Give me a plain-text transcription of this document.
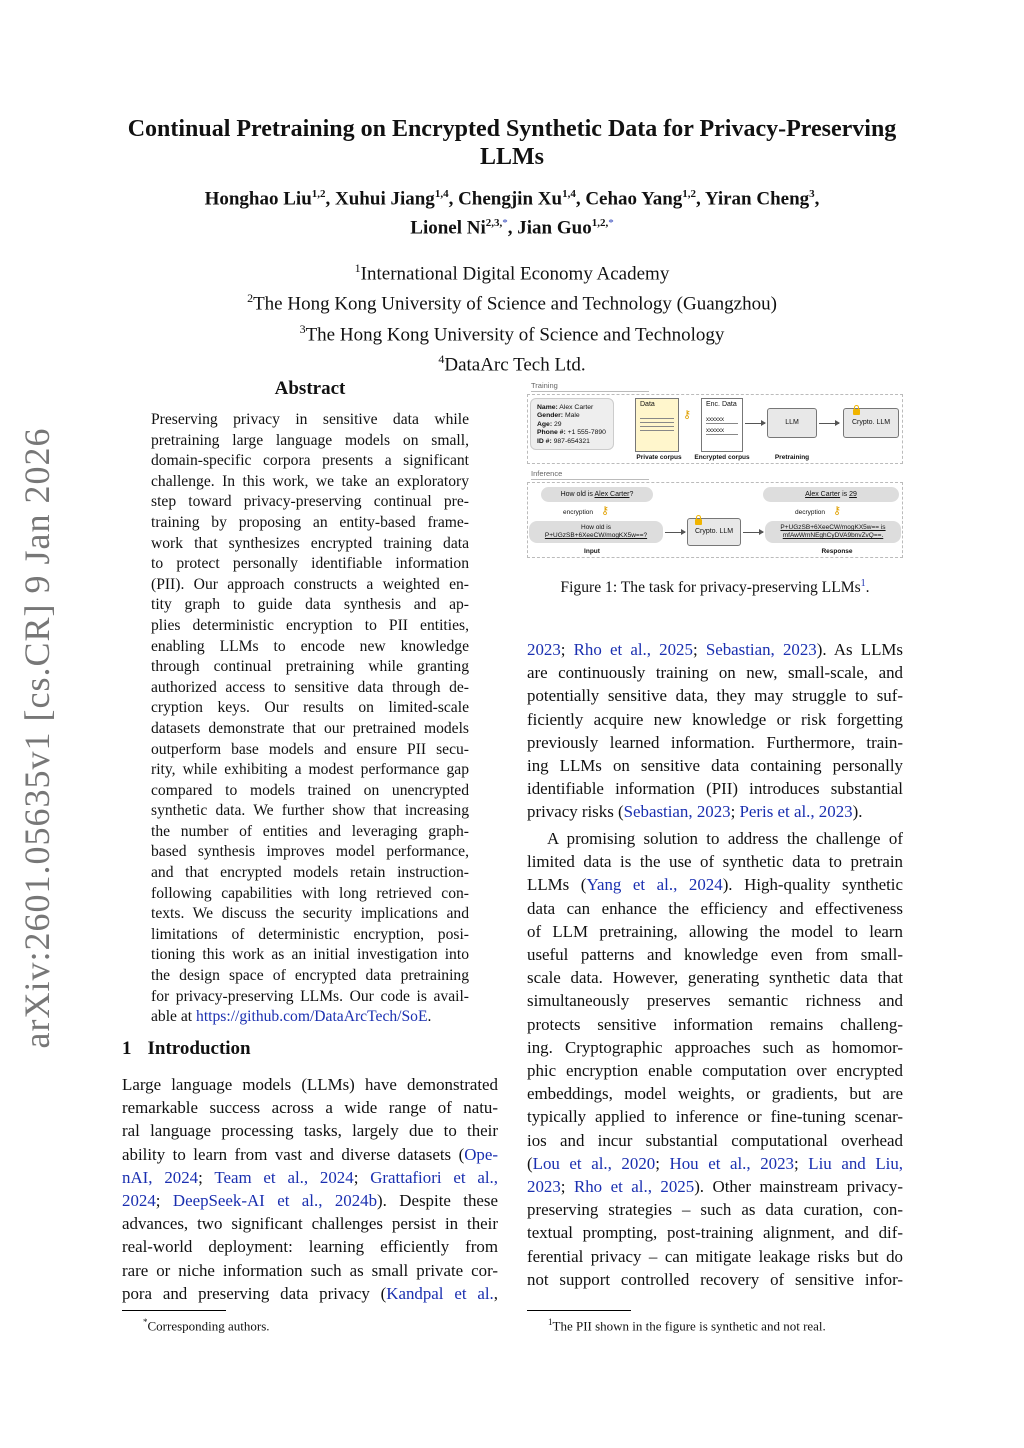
arXiv:2601.05635v1 [cs.CR] 9 Jan 2026
Continual Pretraining on Encrypted Synthetic Data for Privacy-Preserving
LLMs
Honghao Liu$^{1,2}$, Xuhui Jiang$^{1,4}$, Chengjin Xu$^{1,4}$, Cehao Yang$^{1,2}$, Yiran Cheng$^3$,
Lionel $Ni^{2,3,*}$, Jian Guo$^{1,2,*}$
$^1$International Digital Economy Academy
$^2$The Hong Kong University of Science and Technology (Guangzhou)
$^3$The Hong Kong University of Science and Technology
$^4$DataArc Tech Ltd.
Abstract
Preserving privacy in sensitive data while
pretraining large language models on small,
domain-specific corpora presents a significant
challenge. In this work, we take an exploratory
step toward privacy-preserving continual pre-
training by proposing an entity-based frame-
work that synthesizes encrypted training data
to protect personally identifiable information
(PII). Our approach constructs a weighted en-
tity graph to guide data synthesis and ap-
plies deterministic encryption to PII entities,
enabling LLMs to encode new knowledge
through continual pretraining while granting
authorized access to sensitive data through de-
cryption keys. Our results on limited-scale
datasets demonstrate that our pretrained models
outperform base models and ensure PII secu-
rity, while exhibiting a modest performance gap
compared to models trained on unencrypted
synthetic data. We further show that increasing
the number of entities and leveraging graph-
based synthesis improves model performance,
and that encrypted models retain instruction-
following capabilities with long retrieved con-
texts. We discuss the security implications and
limitations of deterministic encryption, posi-
tioning this work as an initial investigation into
the design space of encrypted data pretraining
for privacy-preserving LLMs. Our code is avail-
able at https://github.com/DataArcTech/SoE.
1 Introduction
Large language models (LLMs) have demonstrated
remarkable success across a wide range of natu-
ral language processing tasks, largely due to their
ability to learn from vast and diverse datasets (Ope-
nAI, 2024; Team et al., 2024; Grattafiori et al.,
2024; DeepSeek-AI et al., 2024b). Despite these
advances, two significant challenges persist in their
real-world deployment: learning efficiently from
rare or niche information such as small private cor-
pora and preserving data privacy (Kandpal et al.,
*Corresponding authors.
Training
Name: Alex Carter
Gender: Male
Age: 29
Phone #: +1 555-7890
ID #: 987-654321
Data
⚷
Enc. Data
xxxxxx
xxxxxx
LLM	Crypto. LLM
Private corpus	Encrypted corpus	Pretraining
Inference
How old is Alex Carter?	Alex Carter is 29
encryption ⚷	decryption ⚷
How old is
P+UGzSB+6XeeCW/mogKX5w==?
Crypto. LLM
P+UGzSB+6XeeCW/mogKX5w== is
mfAwWmNEghCyDVA9bnvZvQ==.
Input	Response
Figure 1: The task for privacy-preserving LLMs$^1$.
2023; Rho et al., 2025; Sebastian, 2023). As LLMs
are continuously training on new, small-scale, and
potentially sensitive data, they may struggle to suf-
ficiently acquire new knowledge or risk forgetting
previously learned information. Furthermore, train-
ing LLMs on sensitive data containing personally
identifiable information (PII) introduces substantial
privacy risks (Sebastian, 2023; Peris et al., 2023).
A promising solution to address the challenge of
limited data is the use of synthetic data to pretrain
LLMs (Yang et al., 2024). High-quality synthetic
data can enhance the efficiency and effectiveness
of LLM pretraining, allowing the model to learn
useful patterns and knowledge even from small-
scale data. However, generating synthetic data that
simultaneously preserves semantic richness and
protects sensitive information remains challeng-
ing. Cryptographic approaches such as homomor-
phic encryption enable computation over encrypted
embeddings, model weights, or gradients, but are
typically applied to inference or fine-tuning scenar-
ios and incur substantial computational overhead
(Lou et al., 2020; Hou et al., 2023; Liu and Liu,
2023; Rho et al., 2025). Other mainstream privacy-
preserving strategies – such as data curation, con-
textual prompting, post-training alignment, and dif-
ferential privacy – can mitigate leakage risks but do
not support controlled recovery of sensitive infor-
$^1$The PII shown in the figure is synthetic and not real.
